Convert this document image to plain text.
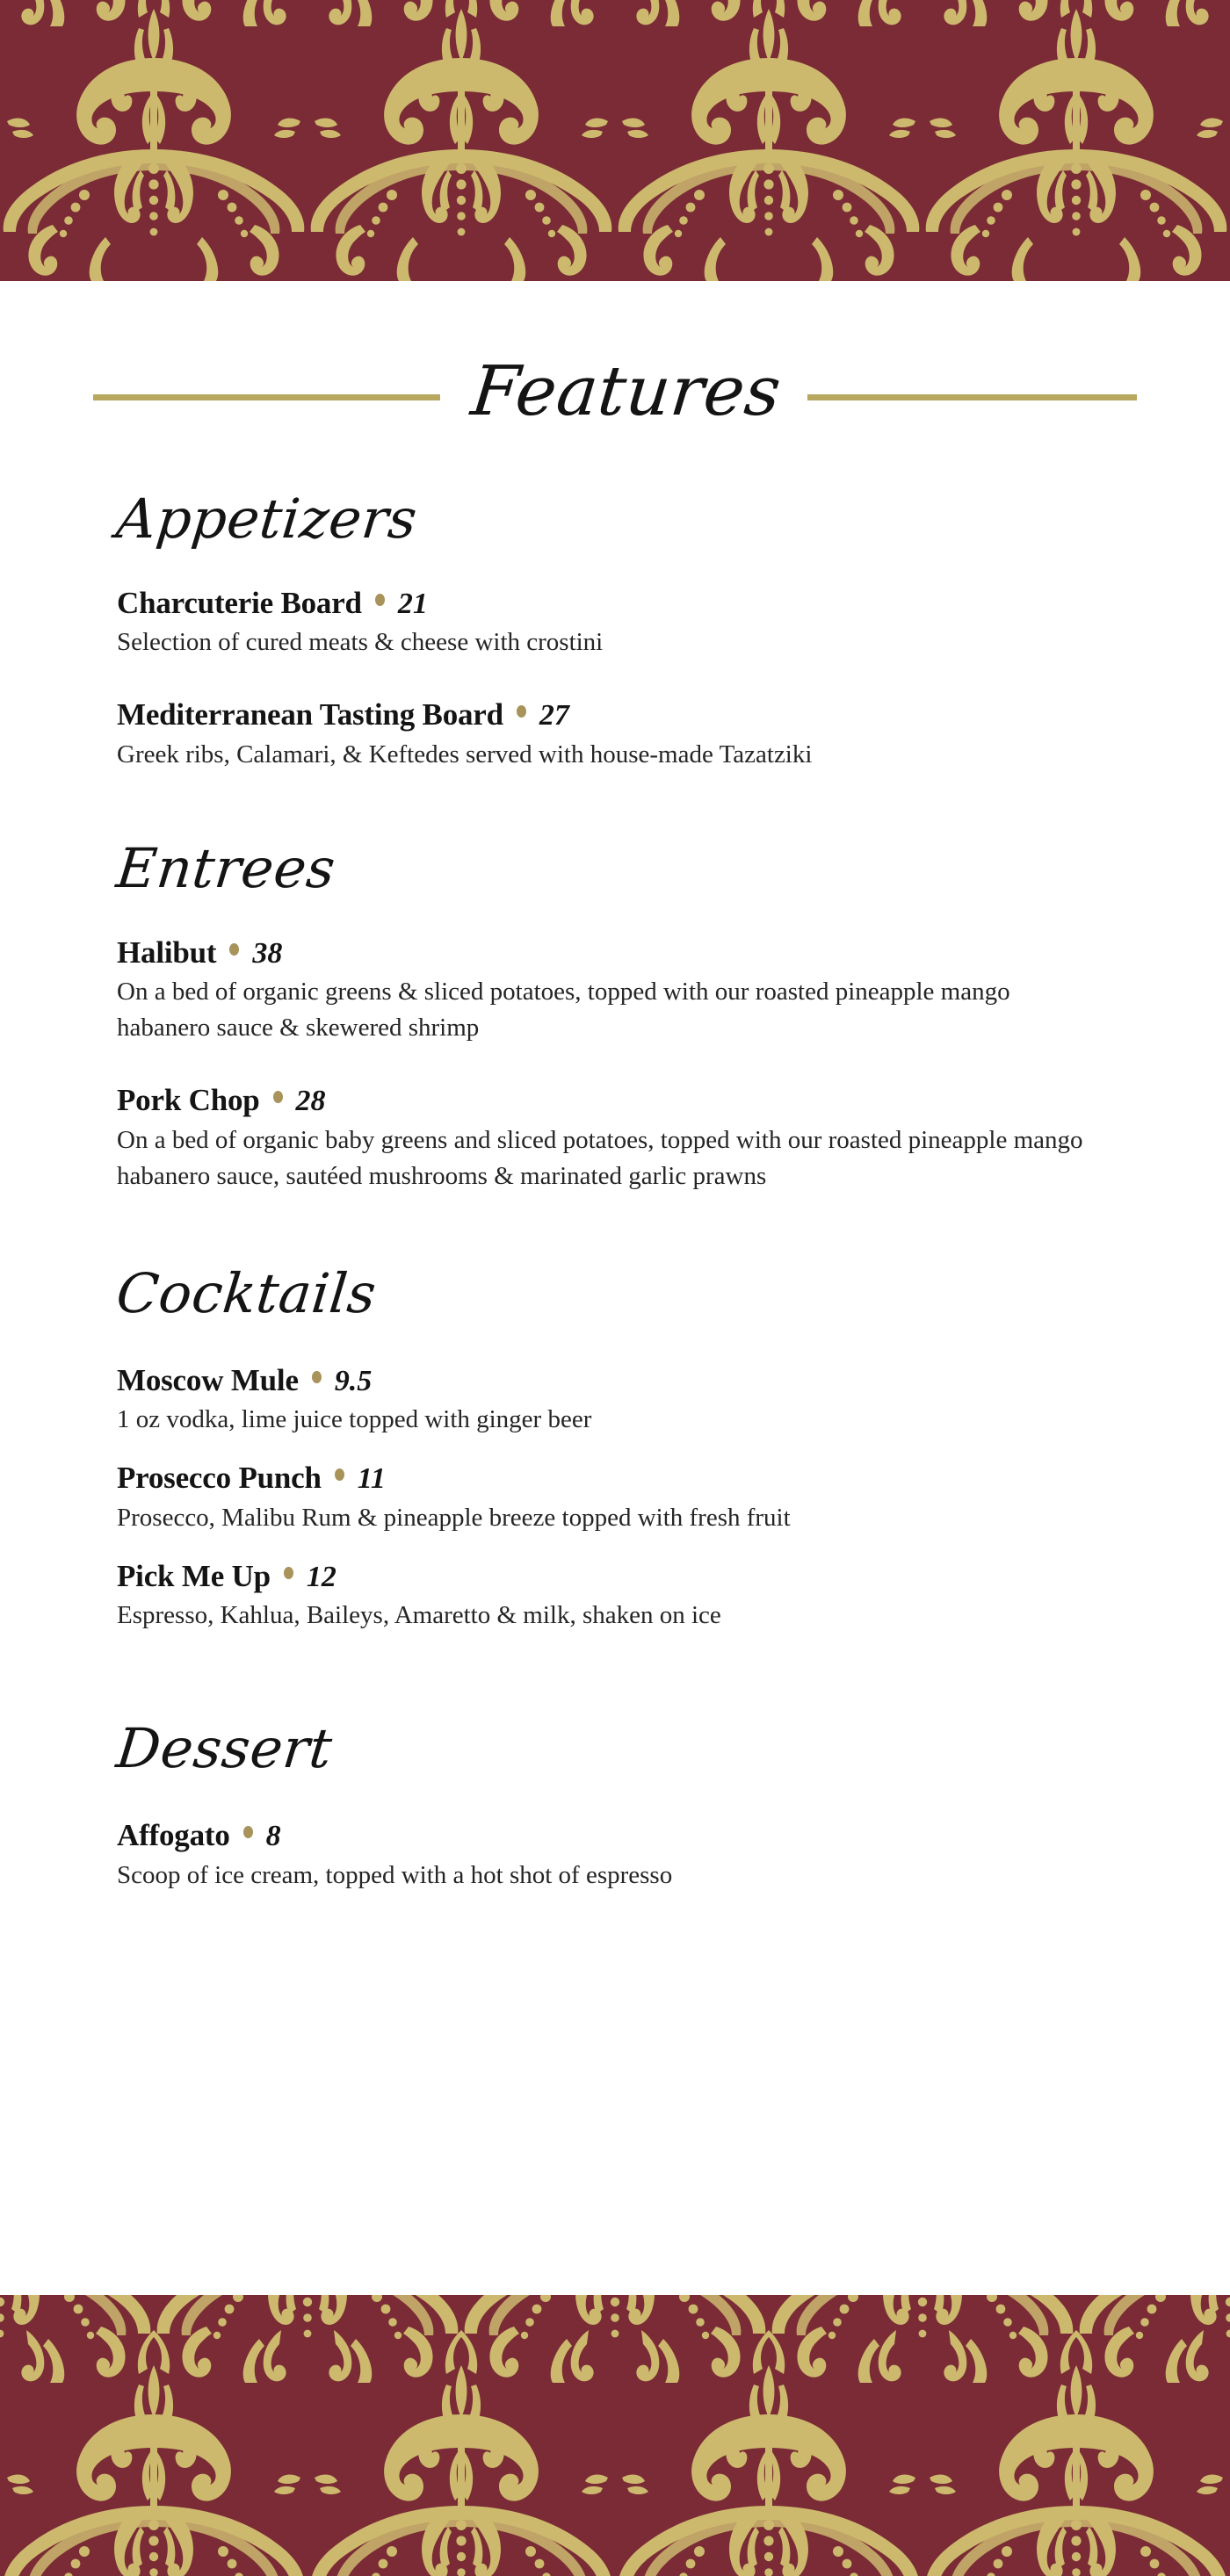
Features
Appetizers
Charcuterie Board 21
Selection of cured meats & cheese with crostini
Mediterranean Tasting Board 27
Greek ribs, Calamari, & Keftedes served with house-made Tazatziki
Entrees
Halibut 38
On a bed of organic greens & sliced potatoes, topped with our roasted pineapple mango habanero sauce & skewered shrimp
Pork Chop 28
On a bed of organic baby greens and sliced potatoes, topped with our roasted pineapple mango habanero sauce, sautéed mushrooms & marinated garlic prawns
Cocktails
Moscow Mule 9.5
1 oz vodka, lime juice topped with ginger beer
Prosecco Punch 11
Prosecco, Malibu Rum & pineapple breeze topped with fresh fruit
Pick Me Up 12
Espresso, Kahlua, Baileys, Amaretto & milk, shaken on ice
Dessert
Affogato 8
Scoop of ice cream, topped with a hot shot of espresso
